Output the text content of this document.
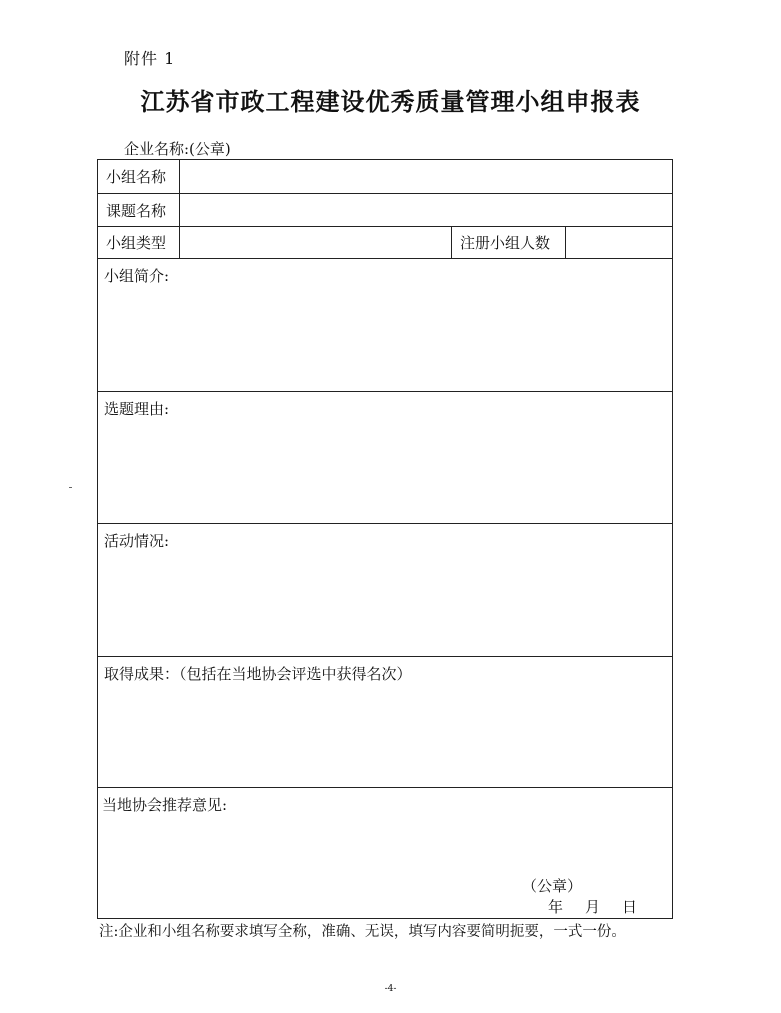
附件 1
江苏省市政工程建设优秀质量管理小组申报表
企业名称:(公章)
小组名称
课题名称
小组类型	注册小组人数
小组简介:
选题理由:
活动情况:
取得成果：（包括在当地协会评选中获得名次）
当地协会推荐意见:
（公章）
年 月 日
注:企业和小组名称要求填写全称，准确、无误，填写内容要简明扼要，一式一份。
-4-
